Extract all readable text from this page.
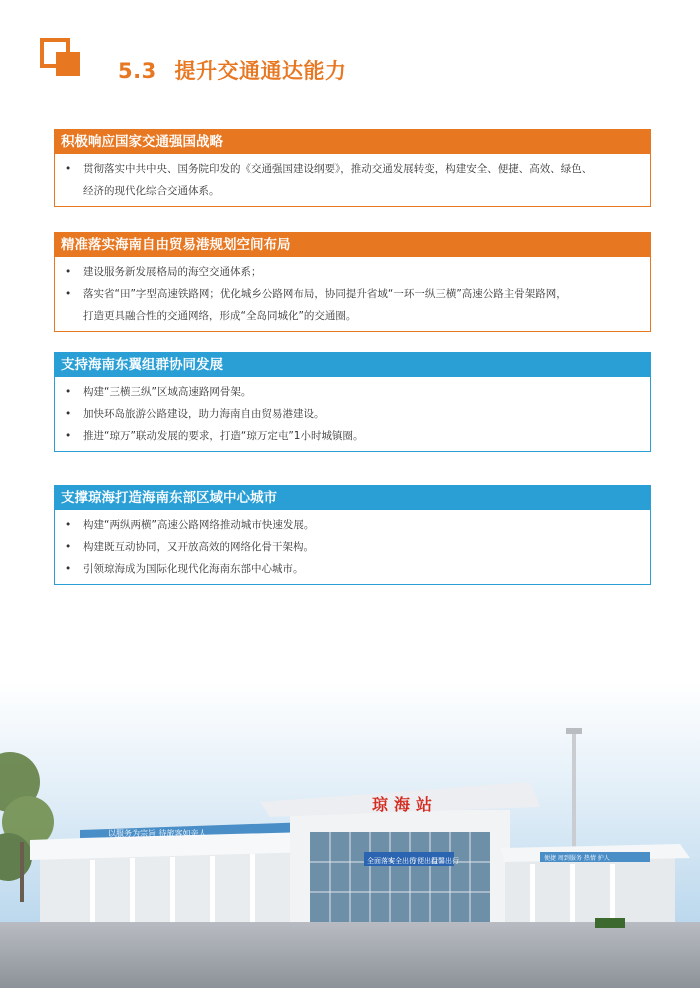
5.3 提升交通通达能力
积极响应国家交通强国战略
• 贯彻落实中共中央、国务院印发的《交通强国建设纲要》，推动交通发展转变，构建安全、便捷、高效、绿色、
经济的现代化综合交通体系。
精准落实海南自由贸易港规划空间布局
• 建设服务新发展格局的海空交通体系；
• 落实省“田”字型高速铁路网；优化城乡公路网布局，协同提升省域“一环一纵三横”高速公路主骨架路网，
打造更具融合性的交通网络，形成“全岛同城化”的交通圈。
支持海南东翼组群协同发展
• 构建“三横三纵”区域高速路网骨架。
• 加快环岛旅游公路建设，助力海南自由贸易港建设。
• 推进“琼万”联动发展的要求，打造“琼万定屯”1小时城镇圈。
支撑琼海打造海南东部区域中心城市
• 构建“两纵两横”高速公路网络推动城市快速发展。
• 构建既互动协同，又开放高效的网络化骨干架构。
• 引领琼海成为国际化现代化海南东部中心城市。
以服务为宗旨 待旅客如亲人
全面落实
安全出行
方便出行
温馨出行
琼海站
便捷 周到服务 热情 护人
